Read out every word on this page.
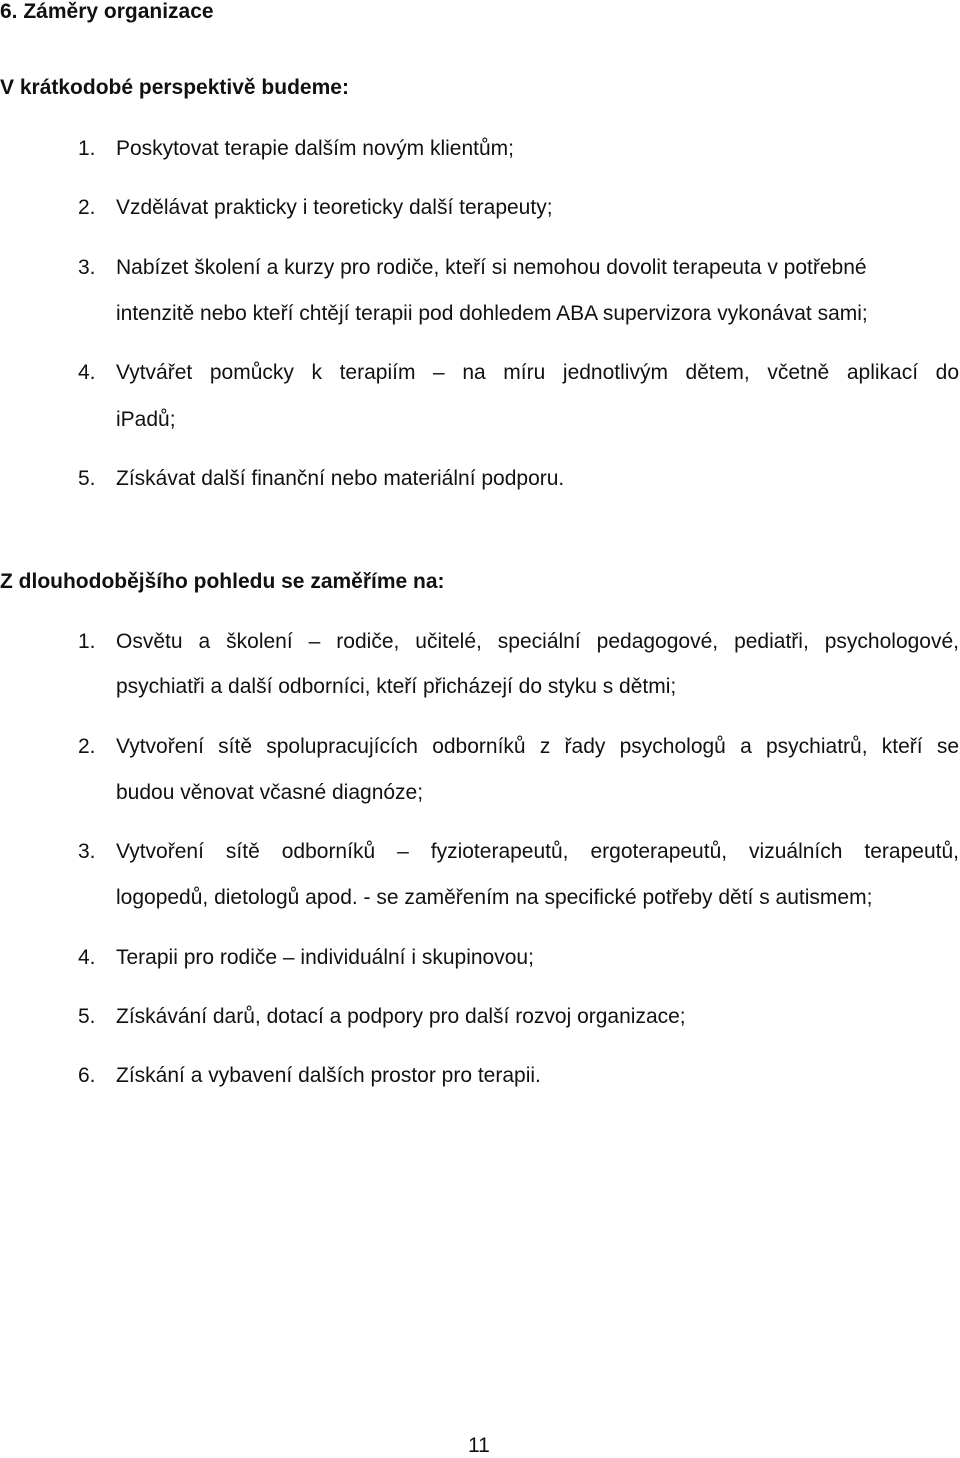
6. Záměry organizace
V krátkodobé perspektivě budeme:
1. Poskytovat terapie dalším novým klientům;
2. Vzdělávat prakticky i teoreticky další terapeuty;
3. Nabízet školení a kurzy pro rodiče, kteří si nemohou dovolit terapeuta v potřebné
intenzitě nebo kteří chtějí terapii pod dohledem ABA supervizora vykonávat sami;
4. Vytvářet pomůcky k terapiím – na míru jednotlivým dětem, včetně aplikací do
iPadů;
5. Získávat další finanční nebo materiální podporu.
Z dlouhodobějšího pohledu se zaměříme na:
1. Osvětu a školení – rodiče, učitelé, speciální pedagogové, pediatři, psychologové,
psychiatři a další odborníci, kteří přicházejí do styku s dětmi;
2. Vytvoření sítě spolupracujících odborníků z řady psychologů a psychiatrů, kteří se
budou věnovat včasné diagnóze;
3. Vytvoření sítě odborníků – fyzioterapeutů, ergoterapeutů, vizuálních terapeutů,
logopedů, dietologů apod. - se zaměřením na specifické potřeby dětí s autismem;
4. Terapii pro rodiče – individuální i skupinovou;
5. Získávání darů, dotací a podpory pro další rozvoj organizace;
6. Získání a vybavení dalších prostor pro terapii.
11
